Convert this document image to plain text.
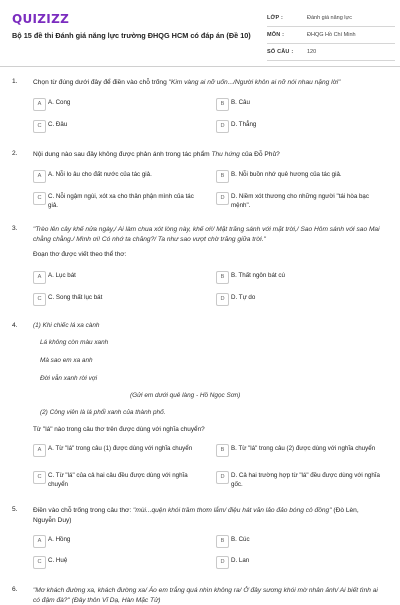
QUIZIZZ
Bộ 15 đề thi Đánh giá năng lực trường ĐHQG HCM có đáp án (Đề 10)
LỚP :	Đánh giá năng lực
MÔN :	ĐHQG Hồ Chí Minh
SỐ CÂU :	120
1. Chọn từ đúng dưới đây để điền vào chỗ trống "Kim vàng ai nỡ uốn.../Người khôn ai nỡ nói nhau nặng lời"
A	A. Cong	B	B. Câu
C	C. Đâu	D	D. Thẳng
2. Nội dung nào sau đây không được phản ánh trong tác phẩm Thu hứng của Đỗ Phủ?
A	A. Nỗi lo âu cho đất nước của tác giả.	B	B. Nỗi buồn nhớ quê hương của tác giả.
C	C. Nỗi ngậm ngùi, xót xa cho thân phận mình của tác giả.
D	D. Niềm xót thương cho những người "tái hòa bạc mệnh".
3. "Trèo lên cây khế nửa ngày,/ Ai làm chua xót lòng này, khế ơi!/ Mặt trăng sánh với mặt trời,/ Sao Hôm sánh với sao Mai chằng chằng./ Mình ơi! Có nhớ ta chăng?/ Ta như sao vượt chờ trăng giữa trời."
Đoạn thơ được viết theo thể thơ:
A	A. Lục bát	B	B. Thất ngôn bát cú
C	C. Song thất lục bát	D	D. Tự do
4. (1) Khi chiếc lá xa cành
Lá không còn màu xanh
Mà sao em xa anh
Đời vẫn xanh rời vợi
(Gửi em dưới quê làng - Hồ Ngọc Sơn)
(2) Công viên là lá phổi xanh của thành phố.
Từ "lá" nào trong câu thơ trên được dùng với nghĩa chuyển?
A	A. Từ "lá" trong câu (1) được dùng với nghĩa chuyển	B	B. Từ "lá" trong câu (2) được dùng với nghĩa chuyển
C	C. Từ "lá" của cả hai câu đều được dùng với nghĩa chuyển
D	D. Cả hai trường hợp từ "lá" đều được dùng với nghĩa gốc.
5. Điền vào chỗ trống trong câu thơ: "mùi...quện khói trầm thơm lắm/ điệu hát văn lảo đảo bóng cô đồng" (Đò Lèn, Nguyễn Duy)
A	A. Hồng	B	B. Cúc
C	C. Huệ	D	D. Lan
6. "Mơ khách đường xa, khách đường xa/ Áo em trắng quá nhìn không ra/ Ở đây sương khói mờ nhân ảnh/ Ai biết tình ai có đậm đà?" (Đây thôn Vĩ Dạ, Hàn Mặc Tử)
